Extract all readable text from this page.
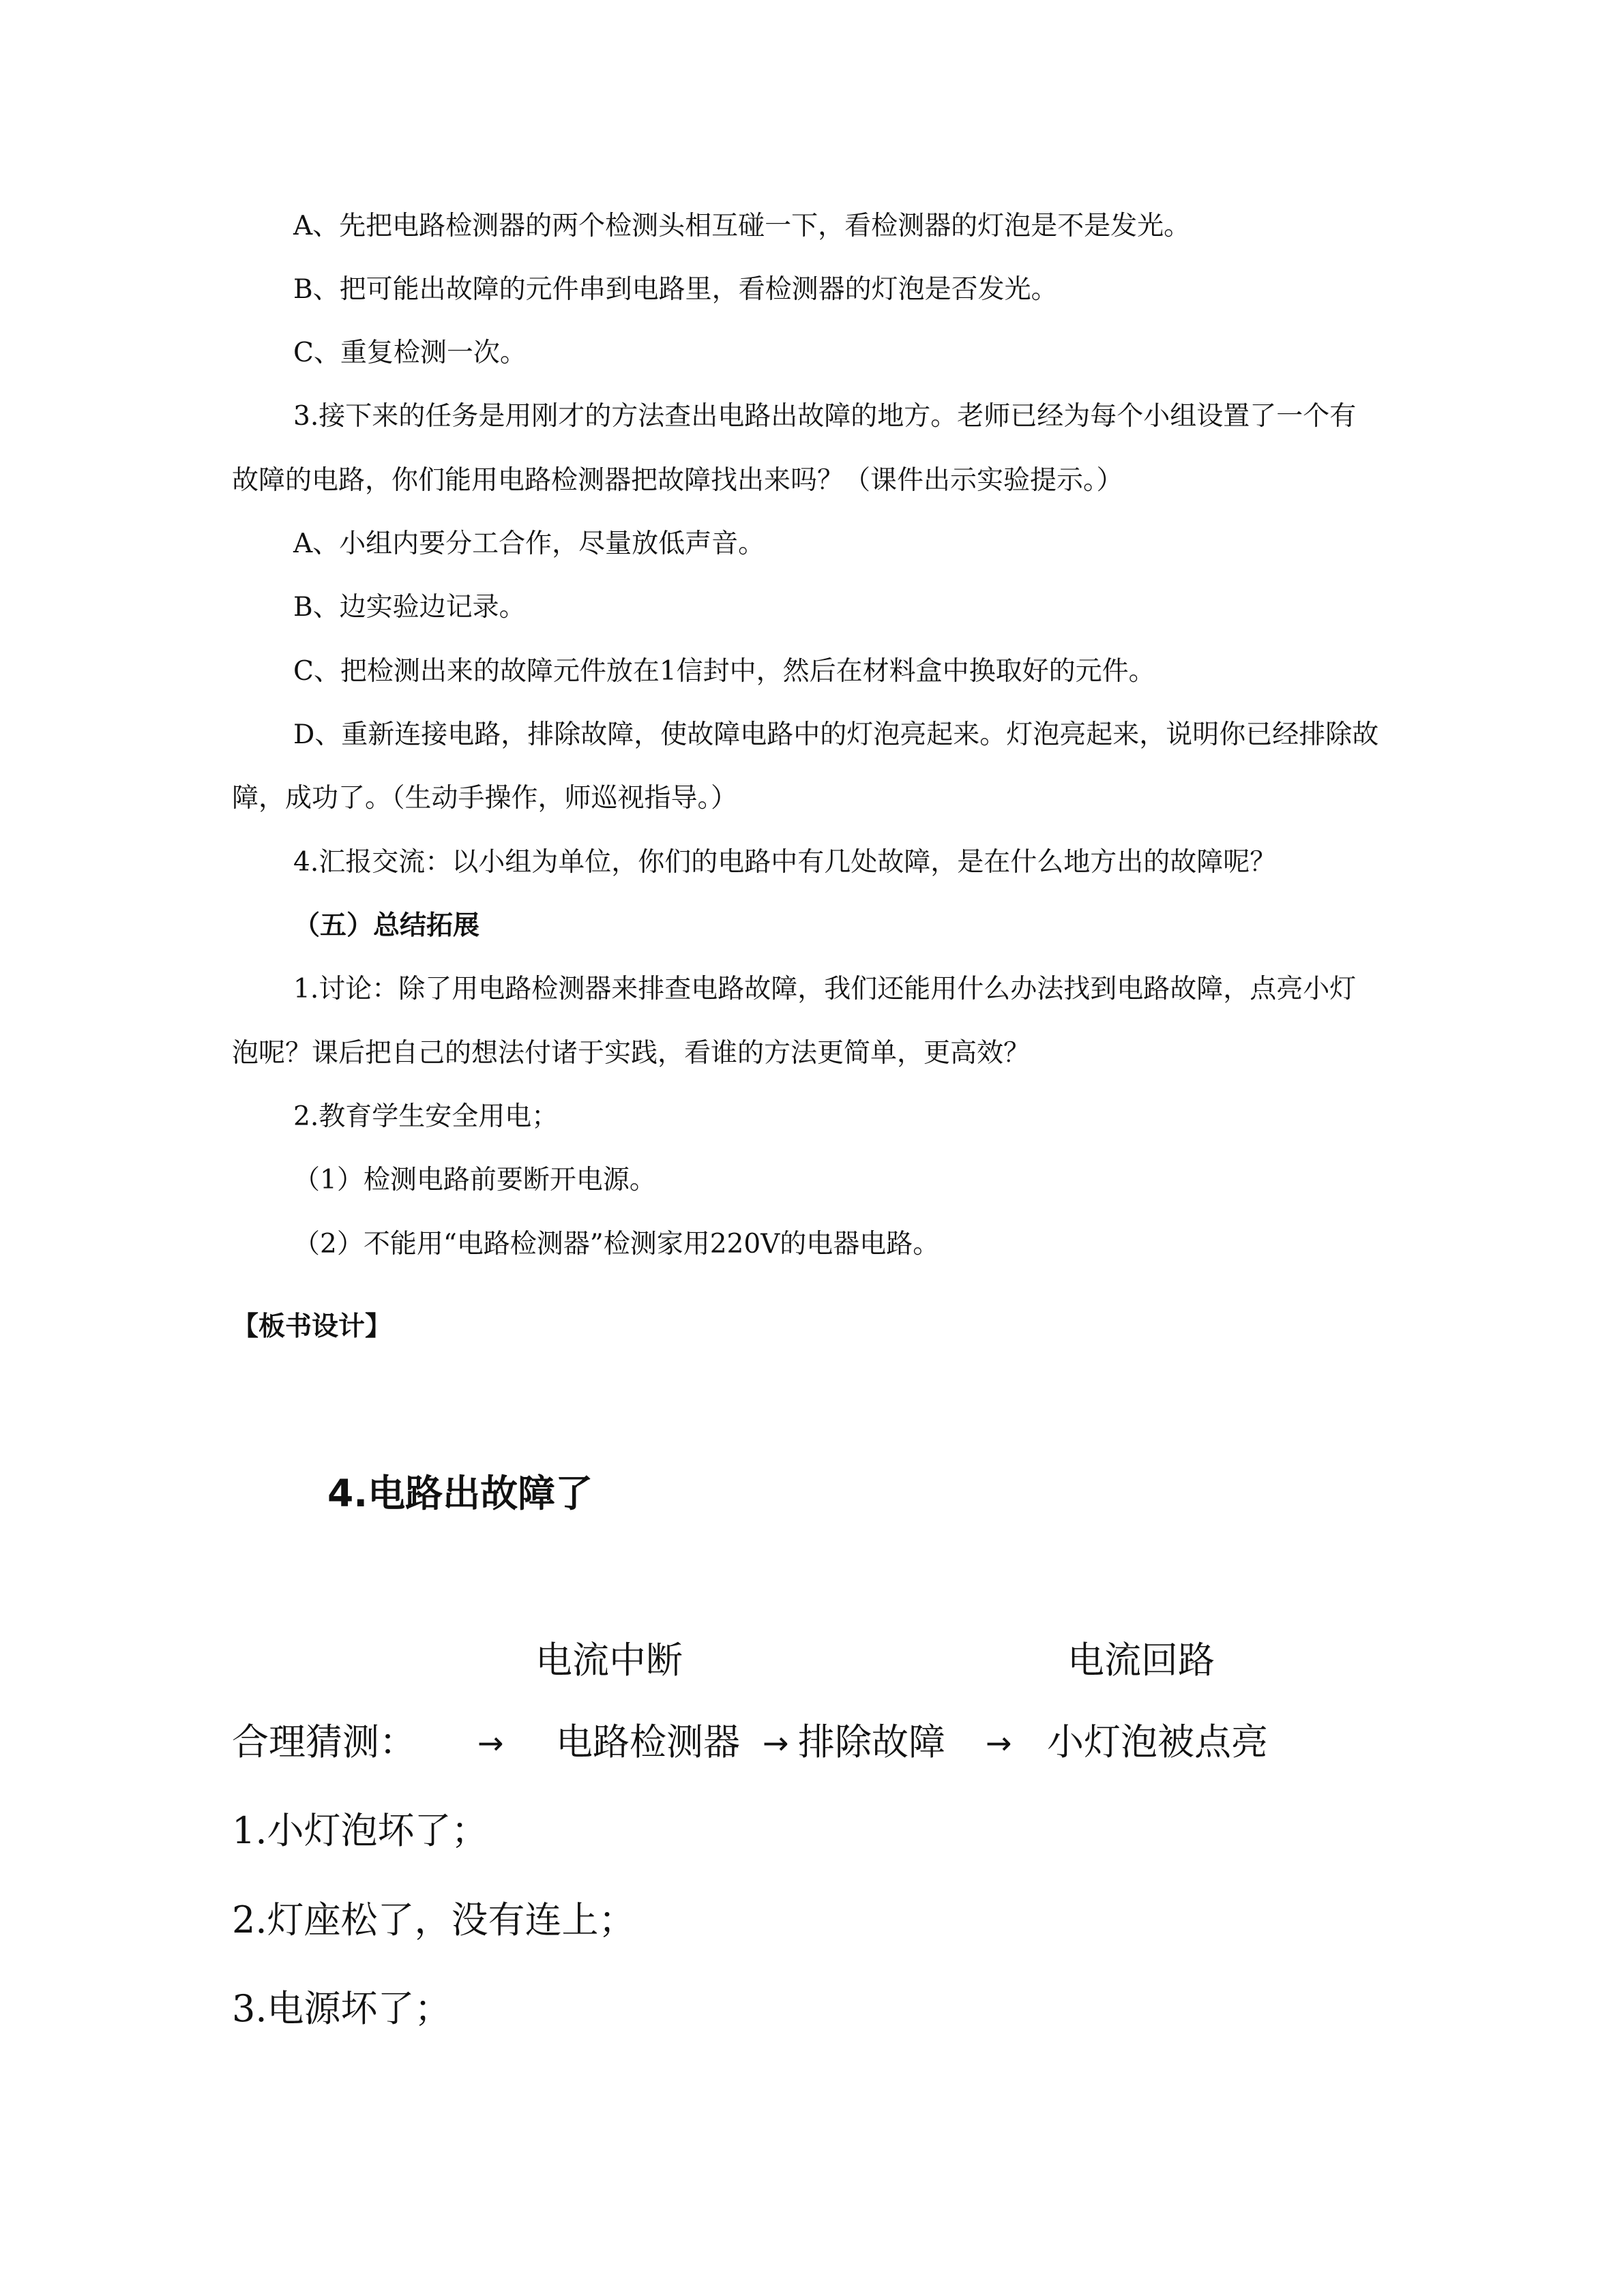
A、先把电路检测器的两个检测头相互碰一下，看检测器的灯泡是不是发光。
B、把可能出故障的元件串到电路里，看检测器的灯泡是否发光。
C、重复检测一次。
3.接下来的任务是用刚才的方法查出电路出故障的地方。老师已经为每个小组设置了一个有
故障的电路，你们能用电路检测器把故障找出来吗？（课件出示实验提示。）
A、小组内要分工合作，尽量放低声音。
B、边实验边记录。
C、把检测出来的故障元件放在1信封中，然后在材料盒中换取好的元件。
D、重新连接电路，排除故障，使故障电路中的灯泡亮起来。灯泡亮起来，说明你已经排除故
障，成功了。（生动手操作，师巡视指导。）
4.汇报交流：以小组为单位，你们的电路中有几处故障，是在什么地方出的故障呢？
（五）总结拓展
1.讨论：除了用电路检测器来排查电路故障，我们还能用什么办法找到电路故障，点亮小灯
泡呢？课后把自己的想法付诸于实践，看谁的方法更简单，更高效？
2.教育学生安全用电；
（1）检测电路前要断开电源。
（2）不能用“电路检测器”检测家用220V的电器电路。
【板书设计】
4.电路出故障了
电流中断	电流回路
合理猜测： → 电路检测器 → 排除故障 → 小灯泡被点亮
1.小灯泡坏了；
2.灯座松了，没有连上；
3.电源坏了；
